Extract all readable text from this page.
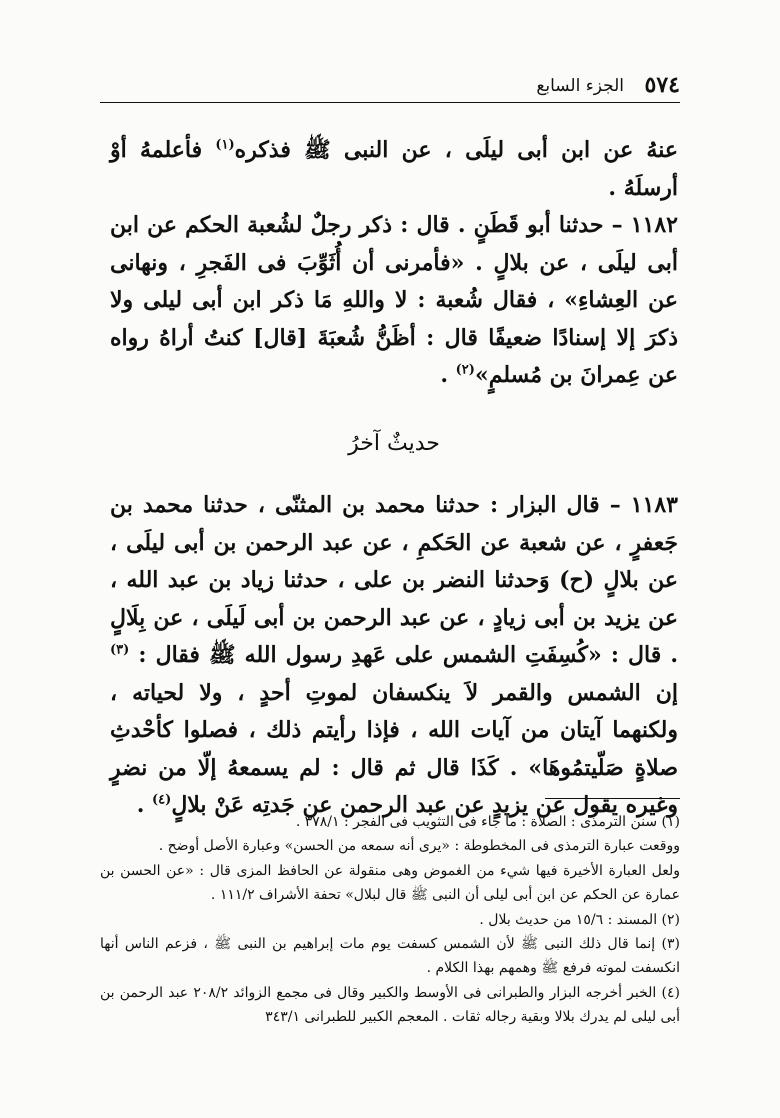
٥٧٤
الجزء السابع

عنهُ عن ابن أبى ليلَى ، عن النبى ﷺ فذكره$^{(١)}$ فأعلمهُ أوْ أرسلَهُ .

١١٨٢ – حدثنا أبو قَطَنٍ . قال : ذكر رجلٌ لشُعبة الحكم عن ابن أبى ليلَى ، عن بلالٍ . «فأمرنى أن أُثَوِّبَ فى الفَجرِ ، ونهانى عن العِشاءِ» ، فقال شُعبة : لا واللهِ مَا ذكر ابن أبى ليلى ولا ذكرَ إلا إسنادًا ضعيفًا قال : أظَنُّ شُعبَةَ [قال] كنتُ أراهُ رواه عن عِمرانَ بن مُسلمٍ»$^{(٢)}$ .

حديثٌ آخرُ

١١٨٣ – قال البزار : حدثنا محمد بن المثنّى ، حدثنا محمد بن جَعفرٍ ، عن شعبة عن الحَكمِ ، عن عبد الرحمن بن أبى ليلَى ، عن بلالٍ (ح) وَحدثنا النضر بن على ، حدثنا زياد بن عبد الله ، عن يزيد بن أبى زيادٍ ، عن عبد الرحمن بن أبى لَيلَى ، عن بِلَالٍ . قال : «كُسِفَتِ الشمس على عَهدِ رسول الله ﷺ فقال : $^{(٣)}$ إن الشمس والقمر لاَ ينكسفان لموتِ أحدٍ ، ولا لحياته ، ولكنهما آيتان من آيات الله ، فإذا رأيتم ذلك ، فصلوا كأحْدثِ صلاةٍ صَلّيتمُوهَا» . كَذَا قال ثم قال : لم يسمعهُ إلّا من نضرٍ وغيره يقول عن يزيدٍ عن عبد الرحمن عن جَدتِه عَنْ بلالٍ$^{(٤)}$ .

(١) سنن الترمذى : الصلاة : ما جاء فى التثويب فى الفجر : ٣٧٨/١ .

ووقعت عبارة الترمذى فى المخطوطة : «يرى أنه سمعه من الحسن» وعبارة الأصل أوضح .

ولعل العبارة الأخيرة فيها شيء من الغموض وهى منقولة عن الحافظ المزى قال : «عن الحسن بن عمارة عن الحكم عن ابن أبى ليلى أن النبى ﷺ قال لبلال» تحفة الأشراف ١١١/٢ .

(٢) المسند : ١٥/٦ من حديث بلال .

(٣) إنما قال ذلك النبى ﷺ لأن الشمس كسفت يوم مات إبراهيم بن النبى ﷺ ، فزعم الناس أنها انكسفت لموته فرفع ﷺ وهمهم بهذا الكلام .

(٤) الخبر أخرجه البزار والطبرانى فى الأوسط والكبير وقال فى مجمع الزوائد ٢٠٨/٢ عبد الرحمن بن أبى ليلى لم يدرك بلالا وبقية رجاله ثقات . المعجم الكبير للطبرانى ٣٤٣/١
